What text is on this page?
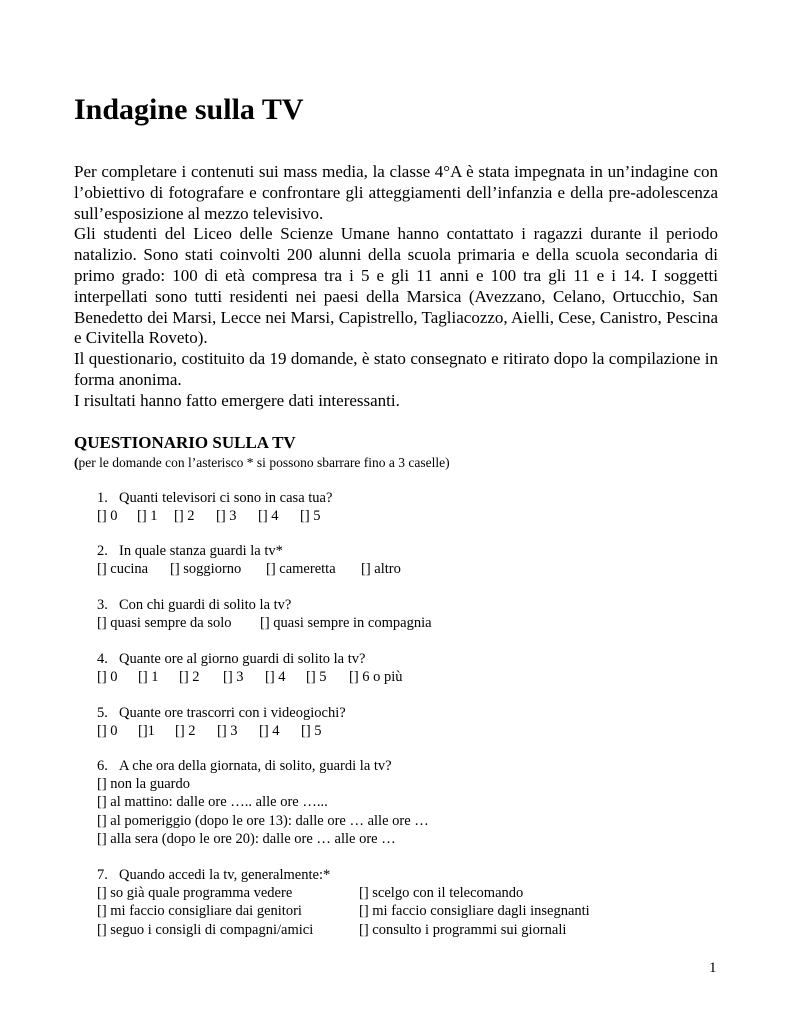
Indagine sulla TV
Per completare i contenuti sui mass media, la classe 4°A è stata impegnata in un’indagine con l’obiettivo di fotografare e confrontare gli atteggiamenti dell’infanzia e della pre-adolescenza sull’esposizione al mezzo televisivo.
Gli studenti del Liceo delle Scienze Umane hanno contattato i ragazzi durante il periodo natalizio. Sono stati coinvolti 200 alunni della scuola primaria e della scuola secondaria di primo grado: 100 di età compresa tra i 5 e gli 11 anni e 100 tra gli 11 e i 14. I soggetti interpellati sono tutti residenti nei paesi della Marsica (Avezzano, Celano, Ortucchio, San Benedetto dei Marsi, Lecce nei Marsi, Capistrello, Tagliacozzo, Aielli, Cese, Canistro, Pescina e Civitella Roveto).
Il questionario, costituito da 19 domande, è stato consegnato e ritirato dopo la compilazione in forma anonima.
I risultati hanno fatto emergere dati interessanti.
QUESTIONARIO SULLA TV
(per le domande con l’asterisco * si possono sbarrare fino a 3 caselle)
1. Quanti televisori ci sono in casa tua?
[] 0 [] 1 [] 2 [] 3 [] 4 [] 5
2. In quale stanza guardi la tv*
[] cucina [] soggiorno [] cameretta [] altro
3. Con chi guardi di solito la tv?
[] quasi sempre da solo [] quasi sempre in compagnia
4. Quante ore al giorno guardi di solito la tv?
[] 0 [] 1 [] 2 [] 3 [] 4 [] 5 [] 6 o più
5. Quante ore trascorri con i videogiochi?
[] 0 []1 [] 2 [] 3 [] 4 [] 5
6. A che ora della giornata, di solito, guardi la tv?
[] non la guardo
[] al mattino: dalle ore ….. alle ore …...
[] al pomeriggio (dopo le ore 13): dalle ore … alle ore …
[] alla sera (dopo le ore 20): dalle ore … alle ore …
7. Quando accedi la tv, generalmente:*
[] so già quale programma vedere	[] scelgo con il telecomando
[] mi faccio consigliare dai genitori	[] mi faccio consigliare dagli insegnanti
[] seguo i consigli di compagni/amici	[] consulto i programmi sui giornali
1
